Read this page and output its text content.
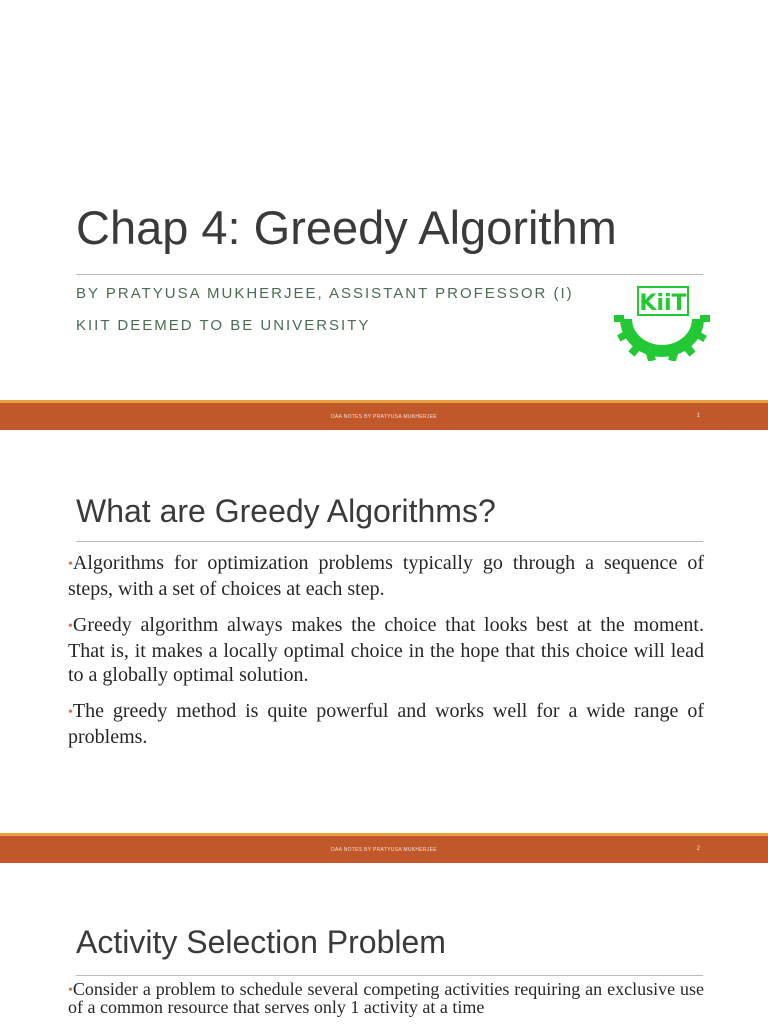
Chap 4: Greedy Algorithm
BY PRATYUSA MUKHERJEE, ASSISTANT PROFESSOR (I)
KIIT DEEMED TO BE UNIVERSITY
KiiT
DAA NOTES BY PRATYUSA MUKHERJEE	1
What are Greedy Algorithms?
•Algorithms for optimization problems typically go through a sequence of steps, with a set of choices at each step.
•Greedy algorithm always makes the choice that looks best at the moment. That is, it makes a locally optimal choice in the hope that this choice will lead to a globally optimal solution.
•The greedy method is quite powerful and works well for a wide range of problems.
DAA NOTES BY PRATYUSA MUKHERJEE	2
Activity Selection Problem
•Consider a problem to schedule several competing activities requiring an exclusive use of a common resource that serves only 1 activity at a time
